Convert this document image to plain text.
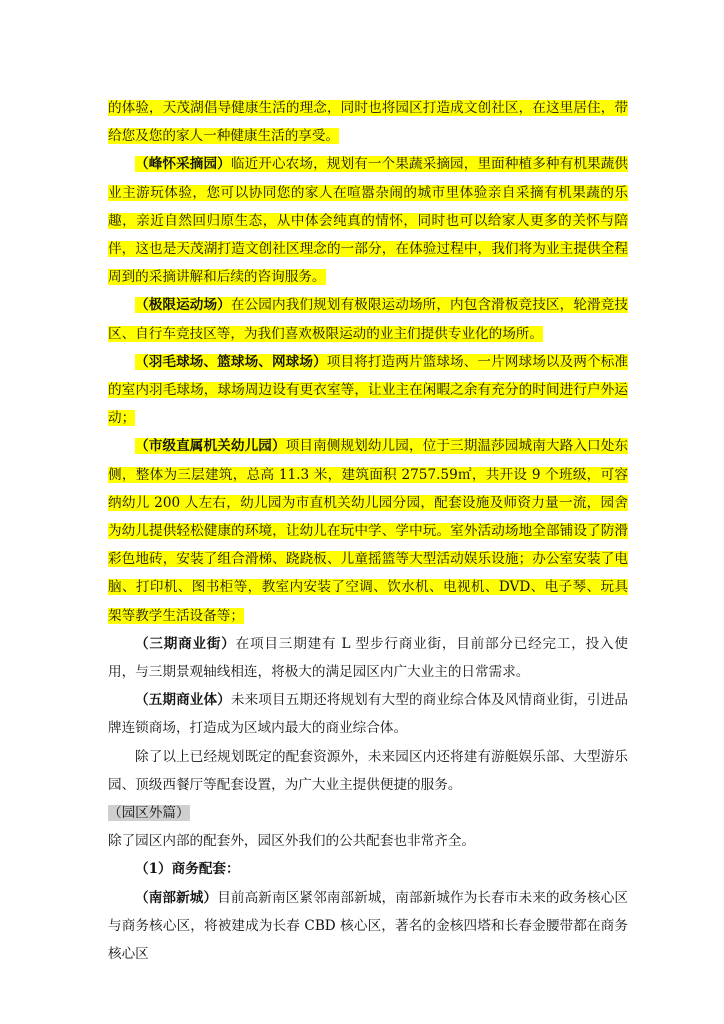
的体验，天茂湖倡导健康生活的理念，同时也将园区打造成文创社区，在这里居住，带给您及您的家人一种健康生活的享受。

（峰怀采摘园）临近开心农场，规划有一个果蔬采摘园，里面种植多种有机果蔬供业主游玩体验，您可以协同您的家人在喧嚣杂闹的城市里体验亲自采摘有机果蔬的乐趣，亲近自然回归原生态，从中体会纯真的情怀，同时也可以给家人更多的关怀与陪伴，这也是天茂湖打造文创社区理念的一部分，在体验过程中，我们将为业主提供全程周到的采摘讲解和后续的咨询服务。

（极限运动场）在公园内我们规划有极限运动场所，内包含滑板竞技区，轮滑竞技区、自行车竞技区等，为我们喜欢极限运动的业主们提供专业化的场所。

（羽毛球场、篮球场、网球场）项目将打造两片篮球场、一片网球场以及两个标准的室内羽毛球场，球场周边设有更衣室等，让业主在闲暇之余有充分的时间进行户外运动；

（市级直属机关幼儿园）项目南侧规划幼儿园，位于三期温莎园城南大路入口处东侧，整体为三层建筑，总高 11.3 米，建筑面积 2757.59㎡，共开设 9 个班级，可容纳幼儿 200 人左右，幼儿园为市直机关幼儿园分园，配套设施及师资力量一流，园舍为幼儿提供轻松健康的环境，让幼儿在玩中学、学中玩。室外活动场地全部铺设了防滑彩色地砖，安装了组合滑梯、跷跷板、儿童摇篮等大型活动娱乐设施；办公室安装了电脑、打印机、图书柜等，教室内安装了空调、饮水机、电视机、DVD、电子琴、玩具架等教学生活设备等；

（三期商业街）在项目三期建有 L 型步行商业街，目前部分已经完工，投入使用，与三期景观轴线相连，将极大的满足园区内广大业主的日常需求。

（五期商业体）未来项目五期还将规划有大型的商业综合体及风情商业街，引进品牌连锁商场，打造成为区域内最大的商业综合体。

除了以上已经规划既定的配套资源外，未来园区内还将建有游艇娱乐部、大型游乐园、顶级西餐厅等配套设置，为广大业主提供便捷的服务。

（园区外篇）

除了园区内部的配套外，园区外我们的公共配套也非常齐全。

（1）商务配套：

（南部新城）目前高新南区紧邻南部新城，南部新城作为长春市未来的政务核心区与商务核心区，将被建成为长春 CBD 核心区，著名的金核四塔和长春金腰带都在商务核心区
